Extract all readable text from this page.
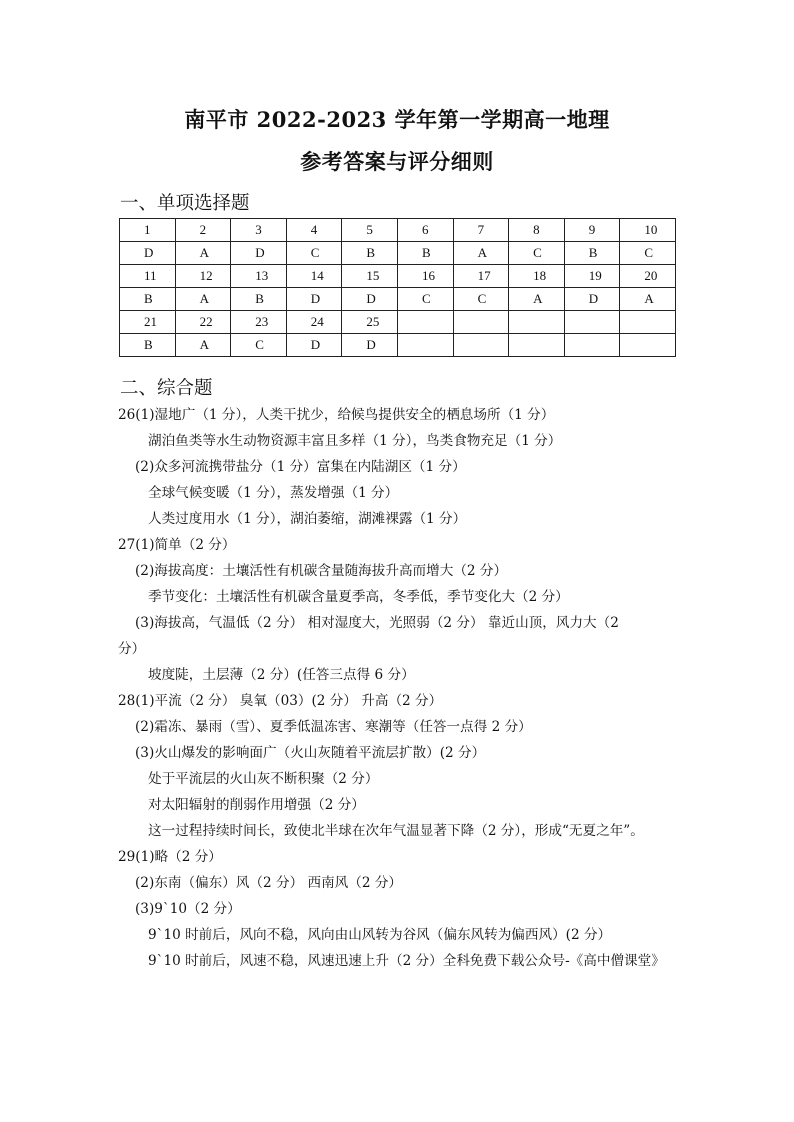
南平市 2022-2023 学年第一学期高一地理
参考答案与评分细则
一、单项选择题
1	2	3	4	5	6	7	8	9	10
D	A	D	C	B	B	A	C	B	C
11	12	13	14	15	16	17	18	19	20
B	A	B	D	D	C	C	A	D	A
21	22	23	24	25					
B	A	C	D	D					
二、综合题
26(1)湿地广（1 分），人类干扰少，给候鸟提供安全的栖息场所（1 分）
湖泊鱼类等水生动物资源丰富且多样（1 分），鸟类食物充足（1 分）
(2)众多河流携带盐分（1 分）富集在内陆湖区（1 分）
全球气候变暖（1 分），蒸发增强（1 分）
人类过度用水（1 分），湖泊萎缩，湖滩裸露（1 分）
27(1)简单（2 分）
(2)海拔高度：土壤活性有机碳含量随海拔升高而增大（2 分）
季节变化：土壤活性有机碳含量夏季高，冬季低，季节变化大（2 分）
(3)海拔高，气温低（2 分） 相对湿度大，光照弱（2 分） 靠近山顶，风力大（2
分）
坡度陡，土层薄（2 分）(任答三点得 6 分）
28(1)平流（2 分） 臭氧（03）(2 分） 升高（2 分）
(2)霜冻、暴雨（雪）、夏季低温冻害、寒潮等（任答一点得 2 分）
(3)火山爆发的影响面广（火山灰随着平流层扩散）(2 分）
处于平流层的火山灰不断积聚（2 分）
对太阳辐射的削弱作用增强（2 分）
这一过程持续时间长，致使北半球在次年气温显著下降（2 分），形成“无夏之年”。
29(1)略（2 分）
(2)东南（偏东）风（2 分） 西南风（2 分）
(3)9`10（2 分）
9`10 时前后，风向不稳，风向由山风转为谷风（偏东风转为偏西风）(2 分）
9`10 时前后，风速不稳，风速迅速上升（2 分）全科免费下载公众号-《高中僧课堂》
